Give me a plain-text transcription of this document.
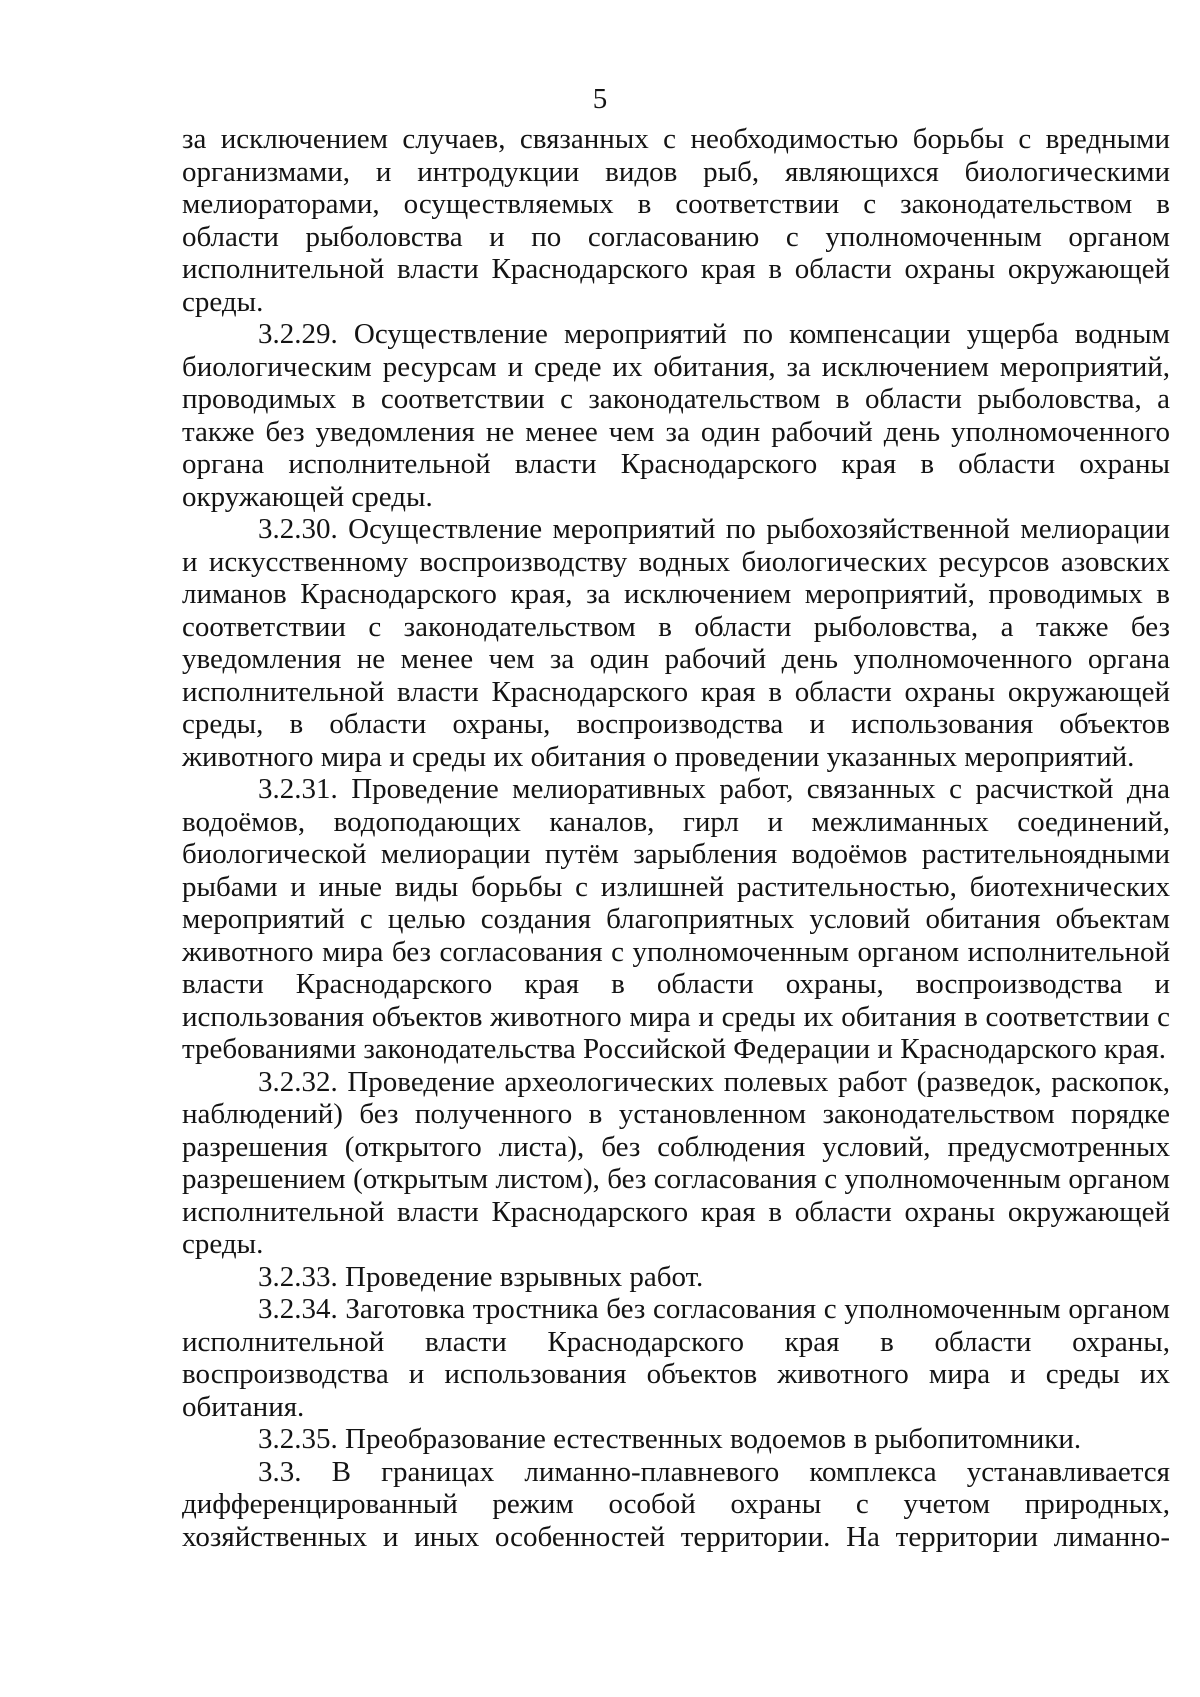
5

за исключением случаев, связанных с необходимостью борьбы с вредными организмами, и интродукции видов рыб, являющихся биологическими мелиораторами, осуществляемых в соответствии с законодательством в области рыболовства и по согласованию с уполномоченным органом исполнительной власти Краснодарского края в области охраны окружающей среды.

3.2.29. Осуществление мероприятий по компенсации ущерба водным биологическим ресурсам и среде их обитания, за исключением мероприятий, проводимых в соответствии с законодательством в области рыболовства, а также без уведомления не менее чем за один рабочий день уполномоченного органа исполнительной власти Краснодарского края в области охраны окружающей среды.

3.2.30. Осуществление мероприятий по рыбохозяйственной мелиорации и искусственному воспроизводству водных биологических ресурсов азовских лиманов Краснодарского края, за исключением мероприятий, проводимых в соответствии с законодательством в области рыболовства, а также без уведомления не менее чем за один рабочий день уполномоченного органа исполнительной власти Краснодарского края в области охраны окружающей среды, в области охраны, воспроизводства и использования объектов животного мира и среды их обитания о проведении указанных мероприятий.

3.2.31. Проведение мелиоративных работ, связанных с расчисткой дна водоёмов, водоподающих каналов, гирл и межлиманных соединений, биологической мелиорации путём зарыбления водоёмов растительноядными рыбами и иные виды борьбы с излишней растительностью, биотехнических мероприятий с целью создания благоприятных условий обитания объектам животного мира без согласования с уполномоченным органом исполнительной власти Краснодарского края в области охраны, воспроизводства и использования объектов животного мира и среды их обитания в соответствии с требованиями законодательства Российской Федерации и Краснодарского края.

3.2.32. Проведение археологических полевых работ (разведок, раскопок, наблюдений) без полученного в установленном законодательством порядке разрешения (открытого листа), без соблюдения условий, предусмотренных разрешением (открытым листом), без согласования с уполномоченным органом исполнительной власти Краснодарского края в области охраны окружающей среды.

3.2.33. Проведение взрывных работ.

3.2.34. Заготовка тростника без согласования с уполномоченным органом исполнительной власти Краснодарского края в области охраны, воспроизводства и использования объектов животного мира и среды их обитания.

3.2.35. Преобразование естественных водоемов в рыбопитомники.

3.3. В границах лиманно-плавневого комплекса устанавливается дифференцированный режим особой охраны с учетом природных, хозяйственных и иных особенностей территории. На территории лиманно-
